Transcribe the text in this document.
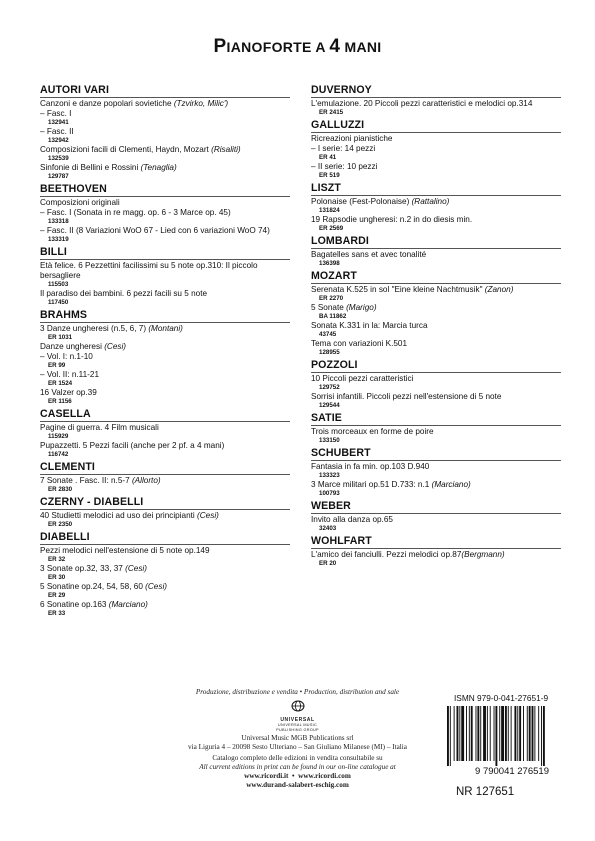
PIANOFORTE A 4 MANI
AUTORI VARI
Canzoni e danze popolari sovietiche (Tzvirko, Milic')
– Fasc. I
132941
– Fasc. II
132942
Composizioni facili di Clementi, Haydn, Mozart (Risaliti)
132539
Sinfonie di Bellini e Rossini (Tenaglia)
129787
BEETHOVEN
Composizioni originali
– Fasc. I (Sonata in re magg. op. 6 - 3 Marce op. 45)
133318
– Fasc. II (8 Variazioni WoO 67 - Lied con 6 variazioni WoO 74)
133319
BILLI
Età felice. 6 Pezzettini facilissimi su 5 note op.310: Il piccolo bersagliere
115503
Il paradiso dei bambini. 6 pezzi facili su 5 note
117450
BRAHMS
3 Danze ungheresi (n.5, 6, 7) (Montani)
ER 1031
Danze ungheresi (Cesi)
– Vol. I: n.1-10
ER 99
– Vol. II: n.11-21
ER 1524
16 Valzer op.39
ER 1156
CASELLA
Pagine di guerra. 4 Film musicali
115929
Pupazzetti. 5 Pezzi facili (anche per 2 pf. a 4 mani)
116742
CLEMENTI
7 Sonate . Fasc. II: n.5-7 (Allorto)
ER 2830
CZERNY - DIABELLI
40 Studietti melodici ad uso dei principianti (Cesi)
ER 2350
DIABELLI
Pezzi melodici nell'estensione di 5 note op.149
ER 32
3 Sonate op.32, 33, 37 (Cesi)
ER 30
5 Sonatine op.24, 54, 58, 60 (Cesi)
ER 29
6 Sonatine op.163 (Marciano)
ER 33
DUVERNOY
L'emulazione. 20 Piccoli pezzi caratteristici e melodici op.314
ER 2415
GALLUZZI
Ricreazioni pianistiche
– I serie: 14 pezzi
ER 41
– II serie: 10 pezzi
ER 519
LISZT
Polonaise (Fest-Polonaise) (Rattalino)
131824
19 Rapsodie ungheresi: n.2 in do diesis min.
ER 2569
LOMBARDI
Bagatelles sans et avec tonalité
136398
MOZART
Serenata K.525 in sol "Eine kleine Nachtmusik" (Zanon)
ER 2270
5 Sonate (Marigo)
BA 11862
Sonata K.331 in la: Marcia turca
43745
Tema con variazioni K.501
128955
POZZOLI
10 Piccoli pezzi caratteristici
129752
Sorrisi infantili. Piccoli pezzi nell'estensione di 5 note
129544
SATIE
Trois morceaux en forme de poire
133150
SCHUBERT
Fantasia in fa min. op.103 D.940
133323
3 Marce militari op.51 D.733: n.1 (Marciano)
100793
WEBER
Invito alla danza op.65
32403
WOHLFART
L'amico dei fanciulli. Pezzi melodici op.87(Bergmann)
ER 20
Produzione, distribuzione e vendita • Production, distribution and sale
UNIVERSAL
UNIVERSAL MUSIC
PUBLISHING GROUP
Universal Music MGB Publications srl
via Liguria 4 – 20098 Sesto Ulteriano – San Giuliano Milanese (MI) – Italia
Catalogo completo delle edizioni in vendita consultabile su
All current editions in print can be found in our on-line catalogue at
www.ricordi.it  •  www.ricordi.com
www.durand-salabert-eschig.com
ISMN 979-0-041-27651-9
9 790041 276519
NR 127651
